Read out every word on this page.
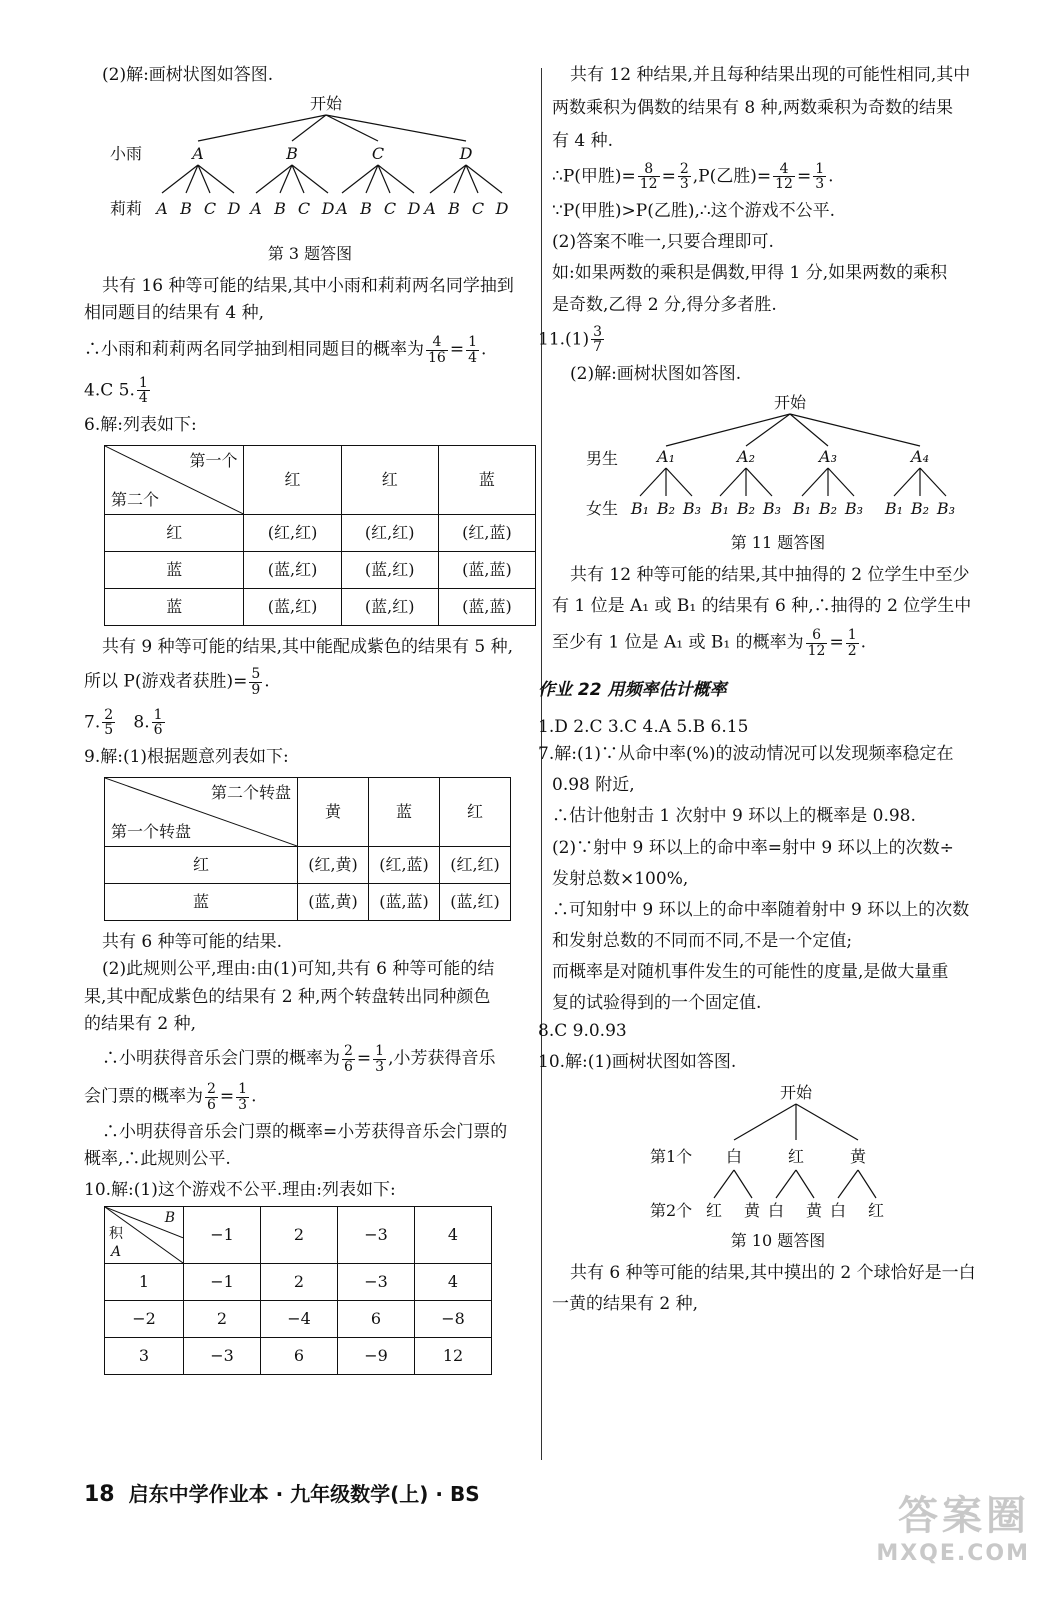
(2)解:画树状图如答图.
开始
小雨
莉莉
A
A B C D
B
A B C D
C
A B C D
D
A B C D
第 3 题答图
共有 16 种等可能的结果,其中小雨和莉莉两名同学抽到
相同题目的结果有 4 种,
∴小雨和莉莉两名同学抽到相同题目的概率为 $\frac{4}{16} = \frac{1}{4}$ .
4.C 5. $\frac{1}{4}$
6.解:列表如下:
第一个
第二个	红	红	蓝
红	(红,红)	(红,红)	(红,蓝)
蓝	(蓝,红)	(蓝,红)	(蓝,蓝)
蓝	(蓝,红)	(蓝,红)	(蓝,蓝)
共有 9 种等可能的结果,其中能配成紫色的结果有 5 种,
所以 P(游戏者获胜)= $\frac{5}{9}$ .
7. $\frac{2}{5} 8$. $\frac{1}{6}$
9.解:(1)根据题意列表如下:
第二个转盘
第一个转盘	黄	蓝	红
红	(红,黄)	(红,蓝)	(红,红)
蓝	(蓝,黄)	(蓝,蓝)	(蓝,红)
共有 6 种等可能的结果.
(2)此规则公平,理由:由(1)可知,共有 6 种等可能的结
果,其中配成紫色的结果有 2 种,两个转盘转出同种颜色
的结果有 2 种,
∴小明获得音乐会门票的概率为 $\frac{2}{6} = \frac{1}{3}$ ,小芳获得音乐
会门票的概率为 $\frac{2}{6} = \frac{1}{3}$ .
∴小明获得音乐会门票的概率=小芳获得音乐会门票的
概率,∴此规则公平.
10.解:(1)这个游戏不公平.理由:列表如下:
积
B
A	−1	2	−3	4
1	−1	2	−3	4
−2	2	−4	6	−8
3	−3	6	−9	12
共有 12 种结果,并且每种结果出现的可能性相同,其中
两数乘积为偶数的结果有 8 种,两数乘积为奇数的结果
有 4 种.
∴P(甲胜)= $\frac{8}{12} = \frac{2}{3} ,P$(乙胜)= $\frac{4}{12} = \frac{1}{3}$ .
∵P(甲胜)>P(乙胜),∴这个游戏不公平.
(2)答案不唯一,只要合理即可.
如:如果两数的乘积是偶数,甲得 1 分,如果两数的乘积
是奇数,乙得 2 分,得分多者胜.
$11.(1) \frac{3}{7}$
(2)解:画树状图如答图.
开始
男生
女生
A₁
B₁ B₂ B₃
A₂
B₁ B₂ B₃
A₃
B₁ B₂ B₃
A₄
B₁ B₂ B₃
第 11 题答图
共有 12 种等可能的结果,其中抽得的 2 位学生中至少
有 1 位是 A₁ 或 B₁ 的结果有 6 种,∴抽得的 2 位学生中
至少有 1 位是 A₁ 或 B₁ 的概率为 $\frac{6}{12} = \frac{1}{2}$ .
作业 22 用频率估计概率
1.D 2.C 3.C 4.A 5.B 6.15
7.解:(1)∵从命中率(%)的波动情况可以发现频率稳定在
0.98 附近,
∴估计他射击 1 次射中 9 环以上的概率是 0.98.
(2)∵射中 9 环以上的命中率=射中 9 环以上的次数÷
发射总数×100%,
∴可知射中 9 环以上的命中率随着射中 9 环以上的次数
和发射总数的不同而不同,不是一个定值;
而概率是对随机事件发生的可能性的度量,是做大量重
复的试验得到的一个固定值.
8.C 9.0.93
10.解:(1)画树状图如答图.
开始
第1个
第2个
白
红 黄
红
白 黄
黄
白 红
第 10 题答图
共有 6 种等可能的结果,其中摸出的 2 个球恰好是一白
一黄的结果有 2 种,
18 启东中学作业本 · 九年级数学(上) · BS	答案圈
MXQE.COM
